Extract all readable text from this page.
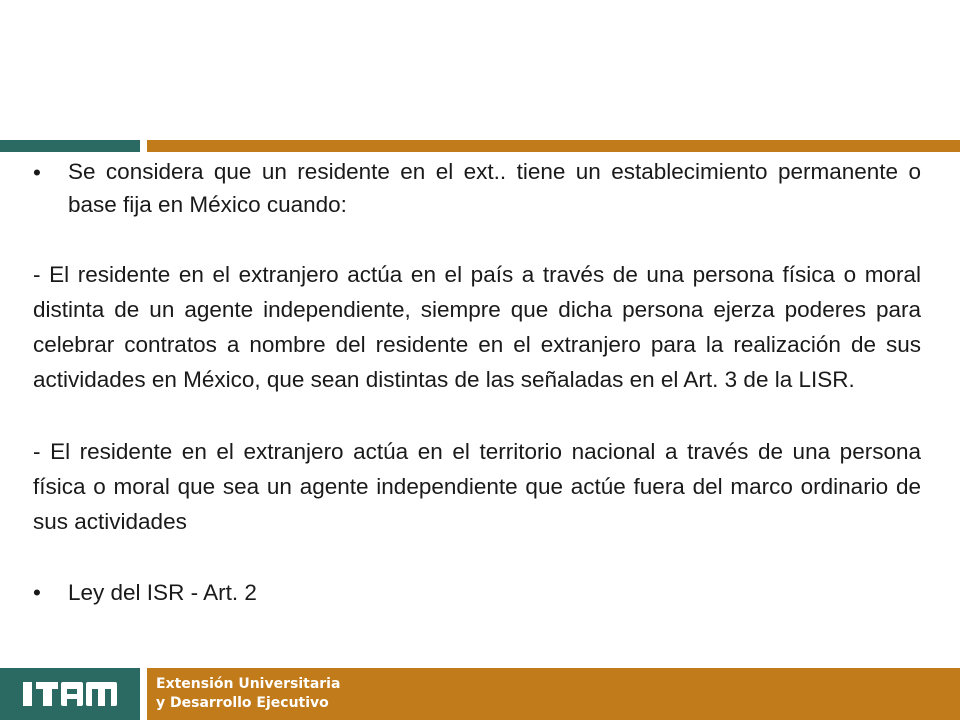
•	Se considera que un residente en el ext.. tiene un establecimiento permanente o base fija en México cuando:
- El residente en el extranjero actúa en el país a través de una persona física o moral distinta de un agente independiente, siempre que dicha persona ejerza poderes para celebrar contratos a nombre del residente en el extranjero para la realización de sus actividades en México, que sean distintas de las señaladas en el Art. 3 de la LISR.
- El residente en el extranjero actúa en el territorio nacional a través de una persona física o moral que sea un agente independiente que actúe fuera del marco ordinario de sus actividades
•	Ley del ISR - Art. 2
Extensión Universitaria
y Desarrollo Ejecutivo
